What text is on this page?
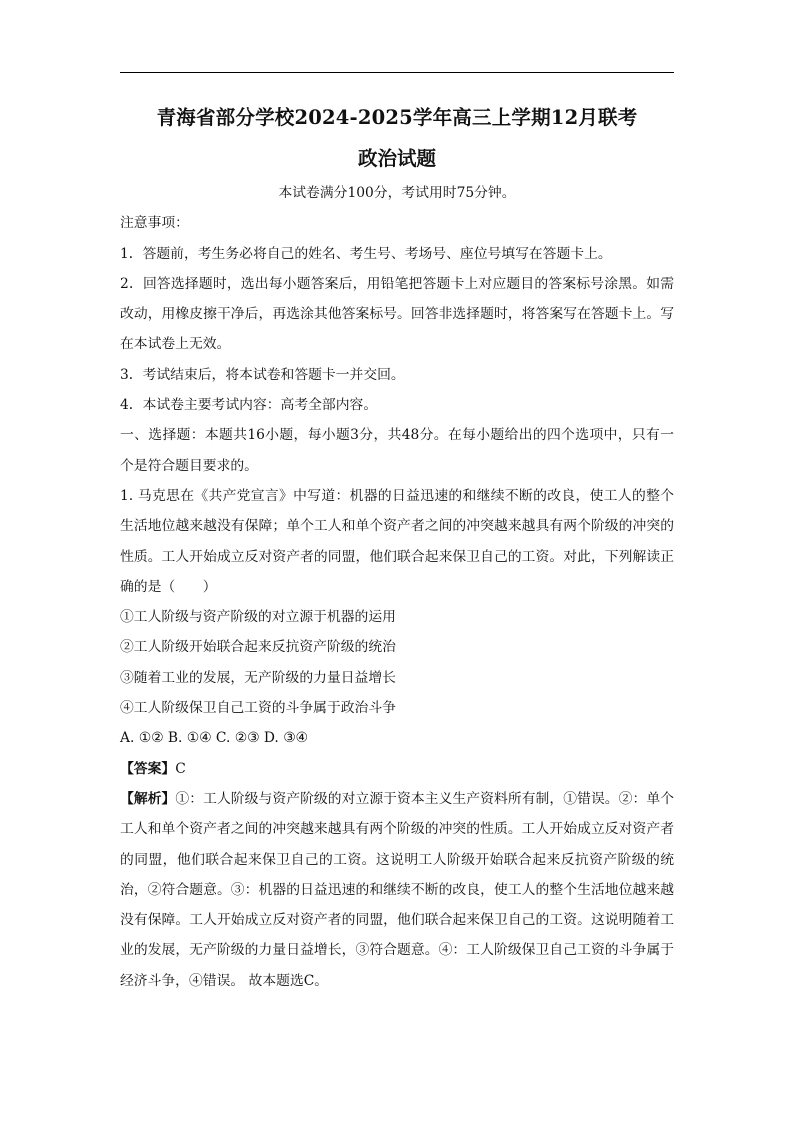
青海省部分学校2024-2025学年高三上学期12月联考
政治试题

本试卷满分100分，考试用时75分钟。

注意事项：

1．答题前，考生务必将自己的姓名、考生号、考场号、座位号填写在答题卡上。

2．回答选择题时，选出每小题答案后，用铅笔把答题卡上对应题目的答案标号涂黑。如需改动，用橡皮擦干净后，再选涂其他答案标号。回答非选择题时，将答案写在答题卡上。写在本试卷上无效。

3．考试结束后，将本试卷和答题卡一并交回。

4．本试卷主要考试内容：高考全部内容。

一、选择题：本题共16小题，每小题3分，共48分。在每小题给出的四个选项中，只有一个是符合题目要求的。

1. 马克思在《共产党宣言》中写道：机器的日益迅速的和继续不断的改良，使工人的整个生活地位越来越没有保障；单个工人和单个资产者之间的冲突越来越具有两个阶级的冲突的性质。工人开始成立反对资产者的同盟，他们联合起来保卫自己的工资。对此，下列解读正确的是（　　）

①工人阶级与资产阶级的对立源于机器的运用

②工人阶级开始联合起来反抗资产阶级的统治

③随着工业的发展，无产阶级的力量日益增长

④工人阶级保卫自己工资的斗争属于政治斗争

A. ①② B. ①④ C. ②③ D. ③④

【答案】C

【解析】①：工人阶级与资产阶级的对立源于资本主义生产资料所有制，①错误。②：单个工人和单个资产者之间的冲突越来越具有两个阶级的冲突的性质。工人开始成立反对资产者的同盟，他们联合起来保卫自己的工资。这说明工人阶级开始联合起来反抗资产阶级的统治，②符合题意。③：机器的日益迅速的和继续不断的改良，使工人的整个生活地位越来越没有保障。工人开始成立反对资产者的同盟，他们联合起来保卫自己的工资。这说明随着工业的发展，无产阶级的力量日益增长，③符合题意。④：工人阶级保卫自己工资的斗争属于经济斗争，④错误。 故本题选C。
